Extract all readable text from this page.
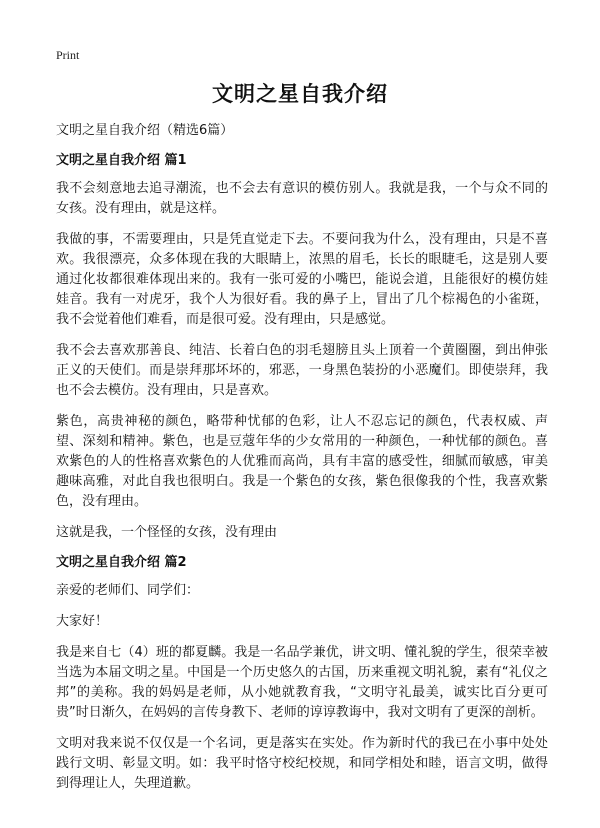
Print
文明之星自我介绍

文明之星自我介绍（精选6篇）

文明之星自我介绍 篇1

我不会刻意地去追寻潮流，也不会去有意识的模仿别人。我就是我，一个与众不同的女孩。没有理由，就是这样。

我做的事，不需要理由，只是凭直觉走下去。不要问我为什么，没有理由，只是不喜欢。我很漂亮，众多体现在我的大眼睛上，浓黑的眉毛，长长的眼睫毛，这是别人要通过化妆都很难体现出来的。我有一张可爱的小嘴巴，能说会道，且能很好的模仿娃娃音。我有一对虎牙，我个人为很好看。我的鼻子上，冒出了几个棕褐色的小雀斑，我不会觉着他们难看，而是很可爱。没有理由，只是感觉。

我不会去喜欢那善良、纯洁、长着白色的羽毛翅膀且头上顶着一个黄圈圈，到出伸张正义的天使们。而是崇拜那坏坏的，邪恶，一身黑色装扮的小恶魔们。即使崇拜，我也不会去模仿。没有理由，只是喜欢。

紫色，高贵神秘的颜色，略带种忧郁的色彩，让人不忍忘记的颜色，代表权威、声望、深刻和精神。紫色，也是豆蔻年华的少女常用的一种颜色，一种忧郁的颜色。喜欢紫色的人的性格喜欢紫色的人优雅而高尚，具有丰富的感受性，细腻而敏感，审美趣味高雅，对此自我也很明白。我是一个紫色的女孩，紫色很像我的个性，我喜欢紫色，没有理由。

这就是我，一个怪怪的女孩，没有理由

文明之星自我介绍 篇2

亲爱的老师们、同学们：

大家好！

我是来自七（4）班的都夏麟。我是一名品学兼优，讲文明、懂礼貌的学生，很荣幸被当选为本届文明之星。中国是一个历史悠久的古国，历来重视文明礼貌，素有“礼仪之邦”的美称。我的妈妈是老师，从小她就教育我，“文明守礼最美，诚实比百分更可贵”时日渐久，在妈妈的言传身教下、老师的谆谆教诲中，我对文明有了更深的剖析。

文明对我来说不仅仅是一个名词，更是落实在实处。作为新时代的我已在小事中处处践行文明、彰显文明。如：我平时恪守校纪校规，和同学相处和睦，语言文明，做得到得理让人，失理道歉。
